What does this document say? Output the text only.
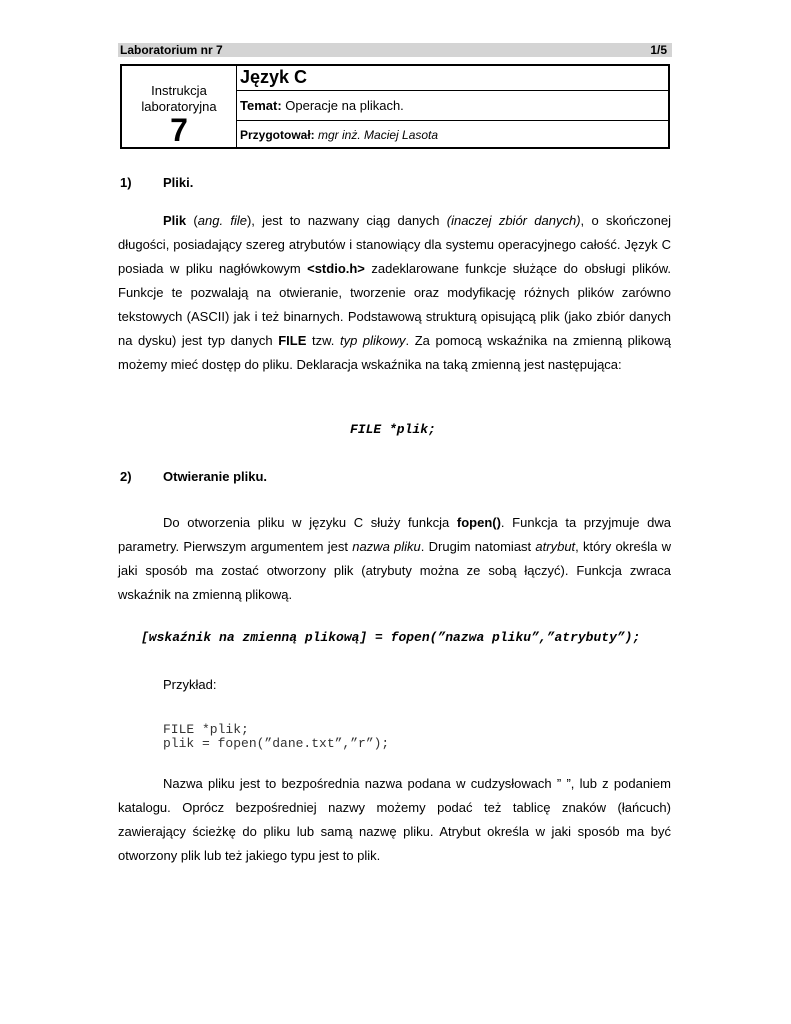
Laboratorium nr 7	1/5
Instrukcja
laboratoryjna
7
Język C
Temat: Operacje na plikach.
Przygotował: mgr inż. Maciej Lasota
1) Pliki.
Plik (ang. file), jest to nazwany ciąg danych (inaczej zbiór danych), o skończonej długości, posiadający szereg atrybutów i stanowiący dla systemu operacyjnego całość. Język C posiada w pliku nagłówkowym <stdio.h> zadeklarowane funkcje służące do obsługi plików. Funkcje te pozwalają na otwieranie, tworzenie oraz modyfikację różnych plików zarówno tekstowych (ASCII) jak i też binarnych. Podstawową strukturą opisującą plik (jako zbiór danych na dysku) jest typ danych FILE tzw. typ plikowy. Za pomocą wskaźnika na zmienną plikową możemy mieć dostęp do pliku. Deklaracja wskaźnika na taką zmienną jest następująca:
FILE *plik;
2) Otwieranie pliku.
Do otworzenia pliku w języku C służy funkcja fopen(). Funkcja ta przyjmuje dwa parametry. Pierwszym argumentem jest nazwa pliku. Drugim natomiast atrybut, który określa w jaki sposób ma zostać otworzony plik (atrybuty można ze sobą łączyć). Funkcja zwraca wskaźnik na zmienną plikową.
[wskaźnik na zmienną plikową] = fopen(”nazwa pliku”,”atrybuty”);
Przykład:
FILE *plik;
plik = fopen(”dane.txt”,”r”);
Nazwa pliku jest to bezpośrednia nazwa podana w cudzysłowach ” ”, lub z podaniem katalogu. Oprócz bezpośredniej nazwy możemy podać też tablicę znaków (łańcuch) zawierający ścieżkę do pliku lub samą nazwę pliku. Atrybut określa w jaki sposób ma być otworzony plik lub też jakiego typu jest to plik.
